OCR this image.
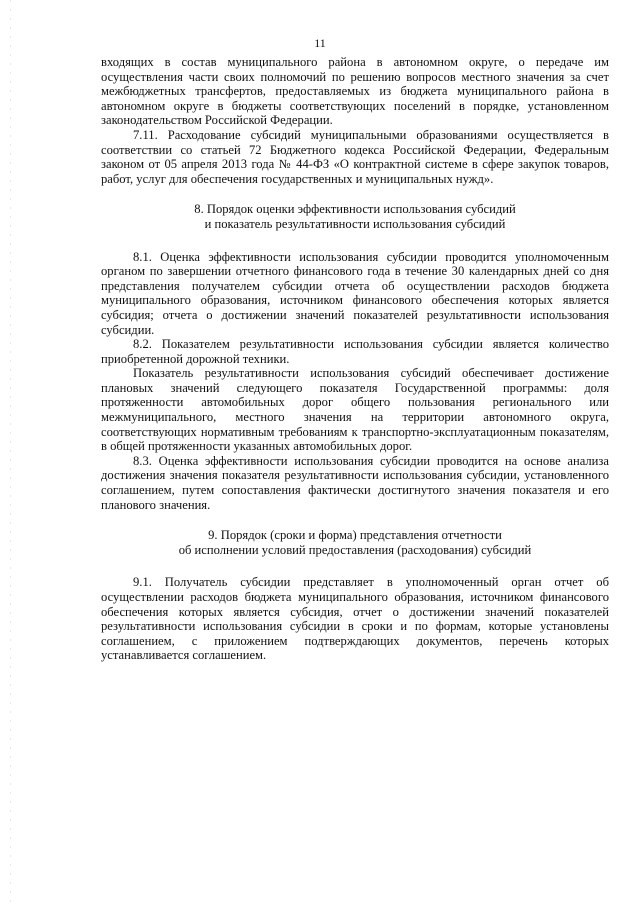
11

входящих в состав муниципального района в автономном округе, о передаче им осуществления части своих полномочий по решению вопросов местного значения за счет межбюджетных трансфертов, предоставляемых из бюджета муниципального района в автономном округе в бюджеты соответствующих поселений в порядке, установленном законодательством Российской Федерации.

7.11. Расходование субсидий муниципальными образованиями осуществляется в соответствии со статьей 72 Бюджетного кодекса Российской Федерации, Федеральным законом от 05 апреля 2013 года № 44-ФЗ «О контрактной системе в сфере закупок товаров, работ, услуг для обеспечения государственных и муниципальных нужд».

8. Порядок оценки эффективности использования субсидий

и показатель результативности использования субсидий

8.1. Оценка эффективности использования субсидии проводится уполномоченным органом по завершении отчетного финансового года в течение 30 календарных дней со дня представления получателем субсидии отчета об осуществлении расходов бюджета муниципального образования, источником финансового обеспечения которых является субсидия; отчета о достижении значений показателей результативности использования субсидии.

8.2. Показателем результативности использования субсидии является количество приобретенной дорожной техники.

Показатель результативности использования субсидий обеспечивает достижение плановых значений следующего показателя Государственной программы: доля протяженности автомобильных дорог общего пользования регионального или межмуниципального, местного значения на территории автономного округа, соответствующих нормативным требованиям к транспортно-эксплуатационным показателям, в общей протяженности указанных автомобильных дорог.

8.3. Оценка эффективности использования субсидии проводится на основе анализа достижения значения показателя результативности использования субсидии, установленного соглашением, путем сопоставления фактически достигнутого значения показателя и его планового значения.

9. Порядок (сроки и форма) представления отчетности

об исполнении условий предоставления (расходования) субсидий

9.1. Получатель субсидии представляет в уполномоченный орган отчет об осуществлении расходов бюджета муниципального образования, источником финансового обеспечения которых является субсидия, отчет о достижении значений показателей результативности использования субсидии в сроки и по формам, которые установлены соглашением, с приложением подтверждающих документов, перечень которых устанавливается соглашением.
